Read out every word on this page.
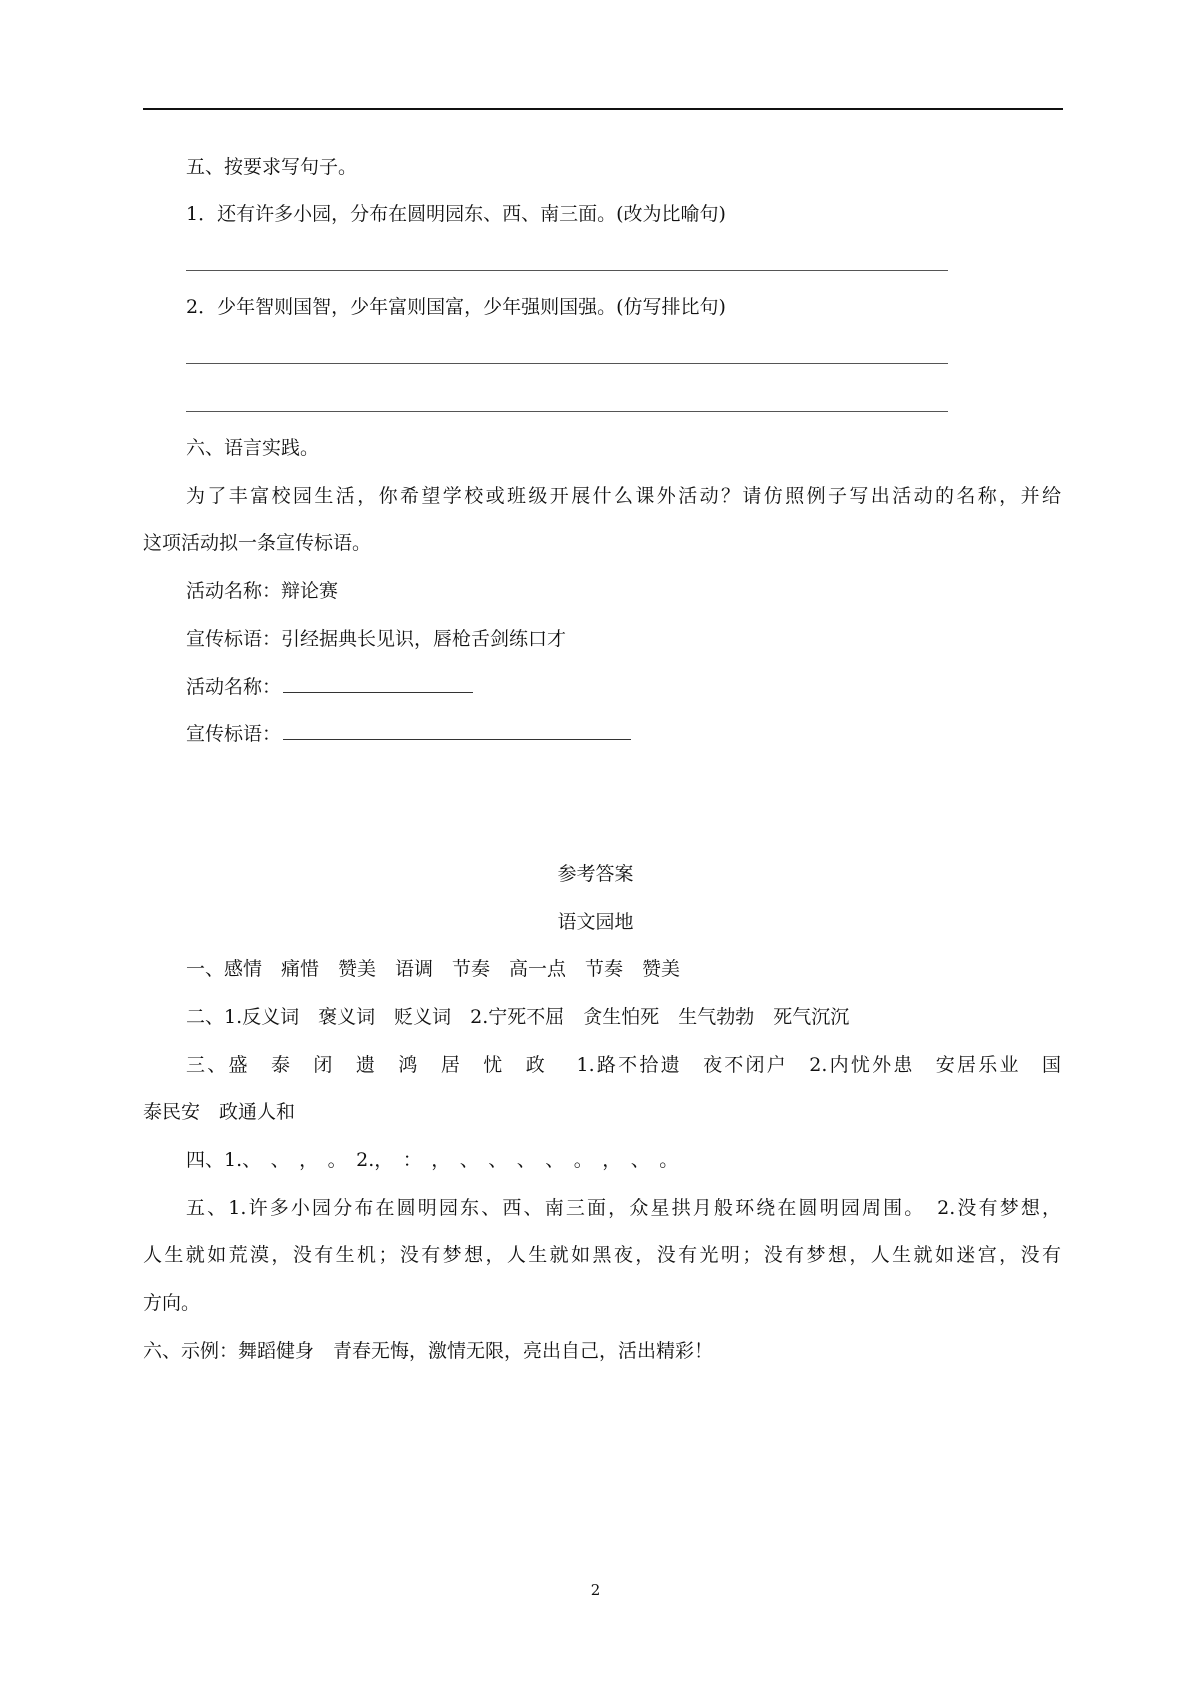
五、按要求写句子。
1．还有许多小园，分布在圆明园东、西、南三面。(改为比喻句)
2．少年智则国智，少年富则国富，少年强则国强。(仿写排比句)
六、语言实践。
为了丰富校园生活，你希望学校或班级开展什么课外活动？请仿照例子写出活动的名称，并给
这项活动拟一条宣传标语。
活动名称：辩论赛
宣传标语：引经据典长见识，唇枪舌剑练口才
活动名称：
宣传标语：
参考答案
语文园地
一、感情　痛惜　赞美　语调　节奏　高一点　节奏　赞美
二、1.反义词　褒义词　贬义词　2.宁死不屈　贪生怕死　生气勃勃　死气沉沉
三、盛　泰　闭　遗　鸿　居　忧　政　 1.路不拾遗　夜不闭户　2.内忧外患　安居乐业　国
泰民安　政通人和
四、1.、　、　，　。　2.，　：　，　、　、　、　、　。　，　、　。
五、1.许多小园分布在圆明园东、西、南三面，众星拱月般环绕在圆明园周围。　2.没有梦想，
人生就如荒漠，没有生机；没有梦想，人生就如黑夜，没有光明；没有梦想，人生就如迷宫，没有
方向。
六、示例：舞蹈健身　青春无悔，激情无限，亮出自己，活出精彩！
2
